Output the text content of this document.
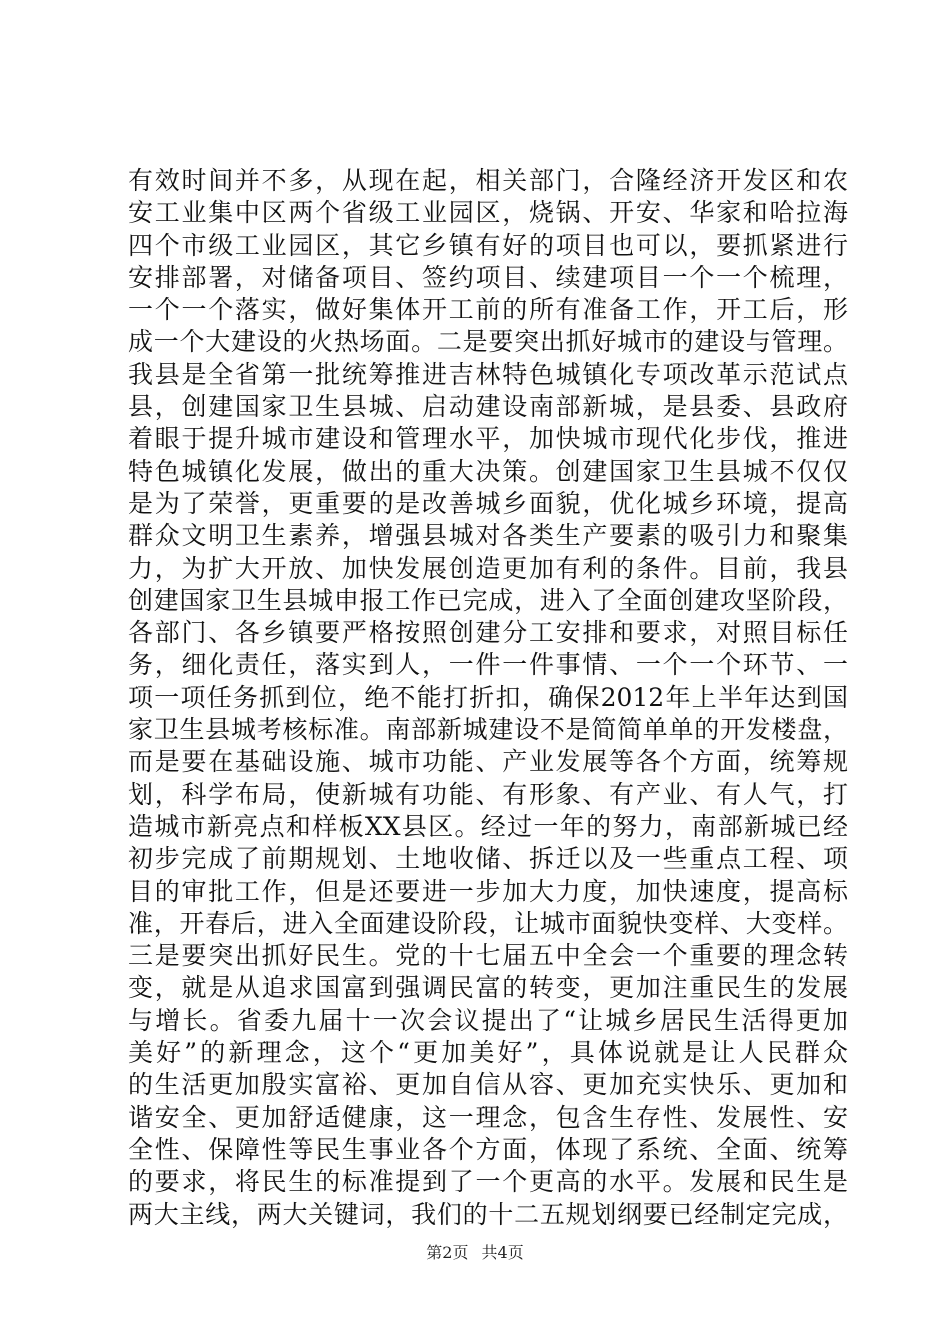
有效时间并不多，从现在起，相关部门，合隆经济开发区和农
安工业集中区两个省级工业园区，烧锅、开安、华家和哈拉海
四个市级工业园区，其它乡镇有好的项目也可以，要抓紧进行
安排部署，对储备项目、签约项目、续建项目一个一个梳理，
一个一个落实，做好集体开工前的所有准备工作，开工后，形
成一个大建设的火热场面。二是要突出抓好城市的建设与管理。
我县是全省第一批统筹推进吉林特色城镇化专项改革示范试点
县，创建国家卫生县城、启动建设南部新城，是县委、县政府
着眼于提升城市建设和管理水平，加快城市现代化步伐，推进
特色城镇化发展，做出的重大决策。创建国家卫生县城不仅仅
是为了荣誉，更重要的是改善城乡面貌，优化城乡环境，提高
群众文明卫生素养，增强县城对各类生产要素的吸引力和聚集
力，为扩大开放、加快发展创造更加有利的条件。目前，我县
创建国家卫生县城申报工作已完成，进入了全面创建攻坚阶段，
各部门、各乡镇要严格按照创建分工安排和要求，对照目标任
务，细化责任，落实到人，一件一件事情、一个一个环节、一
项一项任务抓到位，绝不能打折扣，确保2012年上半年达到国
家卫生县城考核标准。南部新城建设不是简简单单的开发楼盘，
而是要在基础设施、城市功能、产业发展等各个方面，统筹规
划，科学布局，使新城有功能、有形象、有产业、有人气，打
造城市新亮点和样板XX县区。经过一年的努力，南部新城已经
初步完成了前期规划、土地收储、拆迁以及一些重点工程、项
目的审批工作，但是还要进一步加大力度，加快速度，提高标
准，开春后，进入全面建设阶段，让城市面貌快变样、大变样。
三是要突出抓好民生。党的十七届五中全会一个重要的理念转
变，就是从追求国富到强调民富的转变，更加注重民生的发展
与增长。省委九届十一次会议提出了“让城乡居民生活得更加
美好”的新理念，这个“更加美好”，具体说就是让人民群众
的生活更加殷实富裕、更加自信从容、更加充实快乐、更加和
谐安全、更加舒适健康，这一理念，包含生存性、发展性、安
全性、保障性等民生事业各个方面，体现了系统、全面、统筹
的要求，将民生的标准提到了一个更高的水平。发展和民生是
两大主线，两大关键词，我们的十二五规划纲要已经制定完成，
第2页 共4页
